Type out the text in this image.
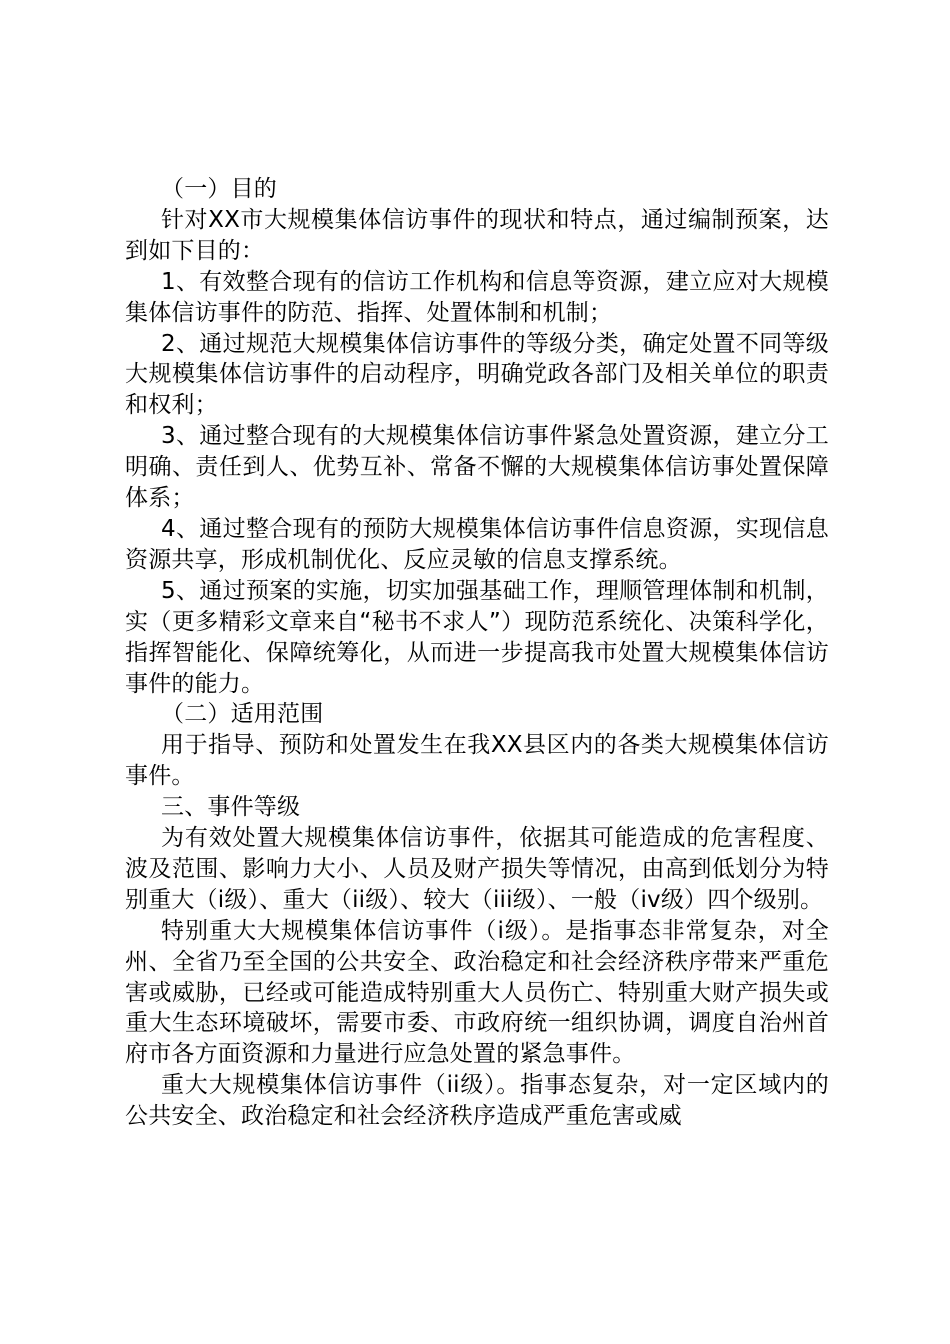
（一）目的

针对XX市大规模集体信访事件的现状和特点，通过编制预案，达到如下目的：

1、有效整合现有的信访工作机构和信息等资源，建立应对大规模集体信访事件的防范、指挥、处置体制和机制；

2、通过规范大规模集体信访事件的等级分类，确定处置不同等级大规模集体信访事件的启动程序，明确党政各部门及相关单位的职责和权利；

3、通过整合现有的大规模集体信访事件紧急处置资源，建立分工明确、责任到人、优势互补、常备不懈的大规模集体信访事处置保障体系；

4、通过整合现有的预防大规模集体信访事件信息资源，实现信息资源共享，形成机制优化、反应灵敏的信息支撑系统。

5、通过预案的实施，切实加强基础工作，理顺管理体制和机制，实（更多精彩文章来自“秘书不求人”）现防范系统化、决策科学化，指挥智能化、保障统筹化，从而进一步提高我市处置大规模集体信访事件的能力。

（二）适用范围

用于指导、预防和处置发生在我XX县区内的各类大规模集体信访事件。

三、事件等级

为有效处置大规模集体信访事件，依据其可能造成的危害程度、波及范围、影响力大小、人员及财产损失等情况，由高到低划分为特别重大（i级）、重大（ii级）、较大（iii级）、一般（iv级）四个级别。

特别重大大规模集体信访事件（i级）。是指事态非常复杂，对全州、全省乃至全国的公共安全、政治稳定和社会经济秩序带来严重危害或威胁，已经或可能造成特别重大人员伤亡、特别重大财产损失或重大生态环境破坏，需要市委、市政府统一组织协调，调度自治州首府市各方面资源和力量进行应急处置的紧急事件。

重大大规模集体信访事件（ii级）。指事态复杂，对一定区域内的公共安全、政治稳定和社会经济秩序造成严重危害或威
